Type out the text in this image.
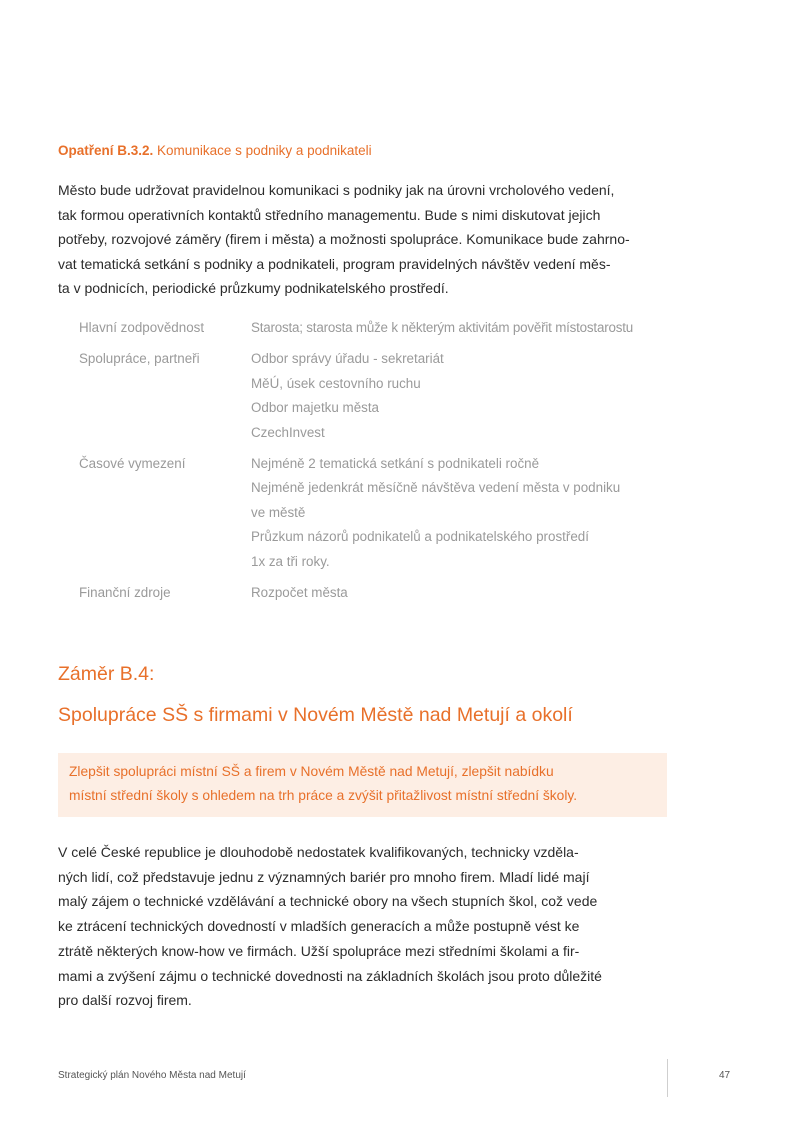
Opatření B.3.2. Komunikace s podniky a podnikateli
Město bude udržovat pravidelnou komunikaci s podniky jak na úrovni vrcholového vedení,
tak formou operativních kontaktů středního managementu. Bude s nimi diskutovat jejich
potřeby, rozvojové záměry (firem i města) a možnosti spolupráce. Komunikace bude zahrno-
vat tematická setkání s podniky a podnikateli, program pravidelných návštěv vedení měs-
ta v podnicích, periodické průzkumy podnikatelského prostředí.
Hlavní zodpovědnost	Starosta; starosta může k některým aktivitám pověřit místostarostu
Spolupráce, partneři	Odbor správy úřadu - sekretariát
MěÚ, úsek cestovního ruchu
Odbor majetku města
CzechInvest
Časové vymezení	Nejméně 2 tematická setkání s podnikateli ročně
Nejméně jedenkrát měsíčně návštěva vedení města v podniku
ve městě
Průzkum názorů podnikatelů a podnikatelského prostředí
1x za tři roky.
Finanční zdroje	Rozpočet města
Záměr B.4:
Spolupráce SŠ s firmami v Novém Městě nad Metují a okolí
Zlepšit spolupráci místní SŠ a firem v Novém Městě nad Metují, zlepšit nabídku
místní střední školy s ohledem na trh práce a zvýšit přitažlivost místní střední školy.
V celé České republice je dlouhodobě nedostatek kvalifikovaných, technicky vzděla-
ných lidí, což představuje jednu z významných bariér pro mnoho firem. Mladí lidé mají
malý zájem o technické vzdělávání a technické obory na všech stupních škol, což vede
ke ztrácení technických dovedností v mladších generacích a může postupně vést ke
ztrátě některých know-how ve firmách. Užší spolupráce mezi středními školami a fir-
mami a zvýšení zájmu o technické dovednosti na základních školách jsou proto důležité
pro další rozvoj firem.
Strategický plán Nového Města nad Metují	47
